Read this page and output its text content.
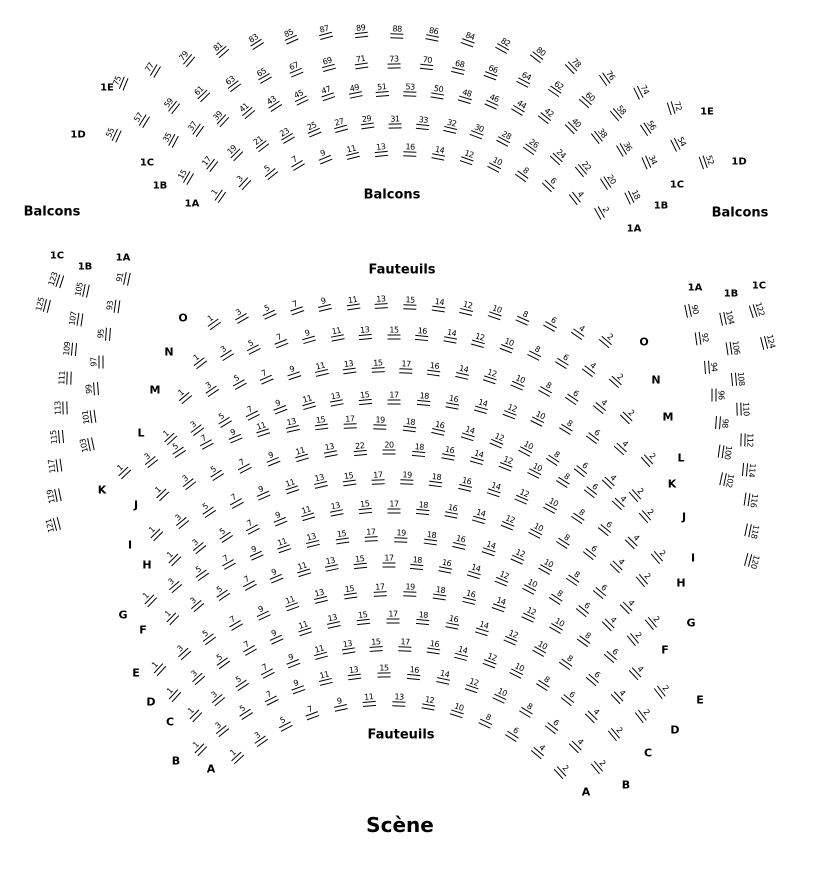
Balcons
Balcons
Balcons
Fauteuils
Fauteuils
Scène
1
3
5
7
9	11	13	16	14	12
10
8
6
4
2
1A
1A
15
17
19
21
23	25	27	29	31	33	32	30
28
26
24
22
20
18
1B
1B
35
37
39
41
43	45	47	49	51	53	50	48	46
44
42
40
38
36
34
1C
1C
55
57
59
61
63
65
67	69	71	73	70	68	66
64
62
60
58
56
54
52
1D
1D
75
77
79
81
83	85	87	89	88	86	84
82
80
78
76
74
72
1E
1E
1
3	5	7	9	11	13	15	14	12	10	8
6
4
2
O
O
1
3
5
7	9	11	13	15	16	14	12	10
8
6
4
2
N
N
1
3
5
7	9	11	13	15	17	16	14	12	10
8
6
4
2
M
M
1
3
5
7
9	11	13	15	17	18	16	14	12
10
8
6
4
2
L
L
1
3
5
7
9	11	13	15	17	19	18	16	14
12
10
8
6
4
2
K	K
1
3
5
7
9	11	13	22	20	18	16	14
12
10
8
6
4
2
J
J
1
3
5
7
9
11	13	15	17	19	18	16	14
12
10
8
6
4
2
I
I
1
3
5
7
9	11	13	15	17	18	16	14
12
10
8
6
4
2
H
H
1
3
5
7
9
11	13	15	17	19	18	16
14
12
10
8
6
4
2
G
G
1
3
5
7
9
11	13	15	17	18	16	14
12
10
8
6
4
2
F
F
1
3
5
7
9
11
13	15	17	19	18	16
14
12
10
8
6
4
2
E
E
1
3
5
7
9
11
13	15	17	18	16
14
12
10
8
6
4
2
D
D
1
3
5
7
9
11	13	15	17	16	14
12
10
8
6
4
2
C
C
1
3
5
7
9
11	13	15	16	14
12
10
8
6
4
2
B
B
1
3
5
7
9	11	13	12
10
8
6
4
2
A
A
91
93
95
97
99
101
103
1A
105
107
109
111
113
115
117
119
121
1B
123
125
1C
90
92
94
96
98
100
102
1A
104
106
108
110
112
114
116
118
120
1B
122
124
1C
